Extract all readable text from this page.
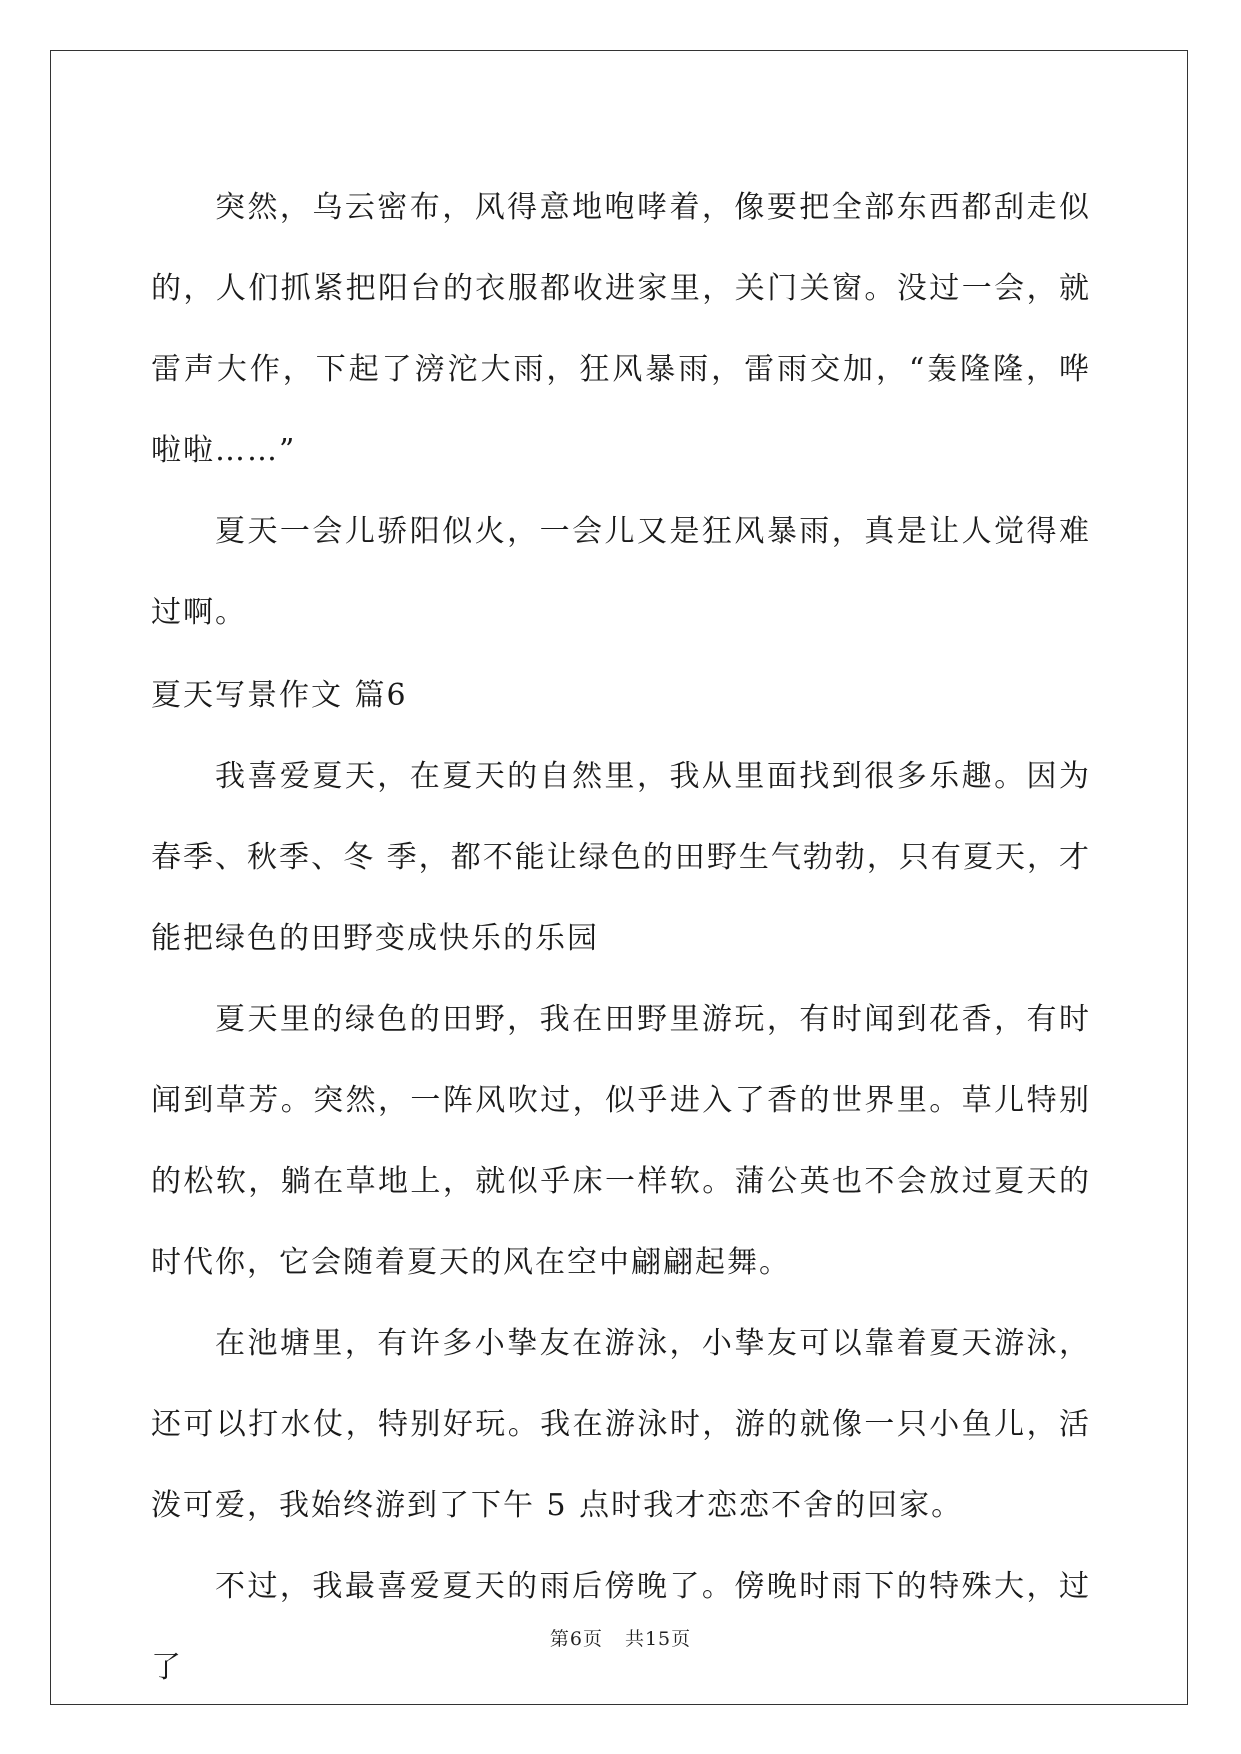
突然，乌云密布，风得意地咆哮着，像要把全部东西都刮走似的，人们抓紧把阳台的衣服都收进家里，关门关窗。没过一会，就雷声大作，下起了滂沱大雨，狂风暴雨，雷雨交加，“轰隆隆，哗啦啦……”

夏天一会儿骄阳似火，一会儿又是狂风暴雨，真是让人觉得难过啊。

夏天写景作文 篇6

我喜爱夏天，在夏天的自然里，我从里面找到很多乐趣。因为春季、秋季、冬 季，都不能让绿色的田野生气勃勃，只有夏天，才能把绿色的田野变成快乐的乐园

夏天里的绿色的田野，我在田野里游玩，有时闻到花香，有时闻到草芳。突然，一阵风吹过，似乎进入了香的世界里。草儿特别的松软，躺在草地上，就似乎床一样软。蒲公英也不会放过夏天的时代你，它会随着夏天的风在空中翩翩起舞。

在池塘里，有许多小挚友在游泳，小挚友可以靠着夏天游泳，还可以打水仗，特别好玩。我在游泳时，游的就像一只小鱼儿，活泼可爱，我始终游到了下午 5 点时我才恋恋不舍的回家。

不过，我最喜爱夏天的雨后傍晚了。傍晚时雨下的特殊大，过了

第6页 共15页
